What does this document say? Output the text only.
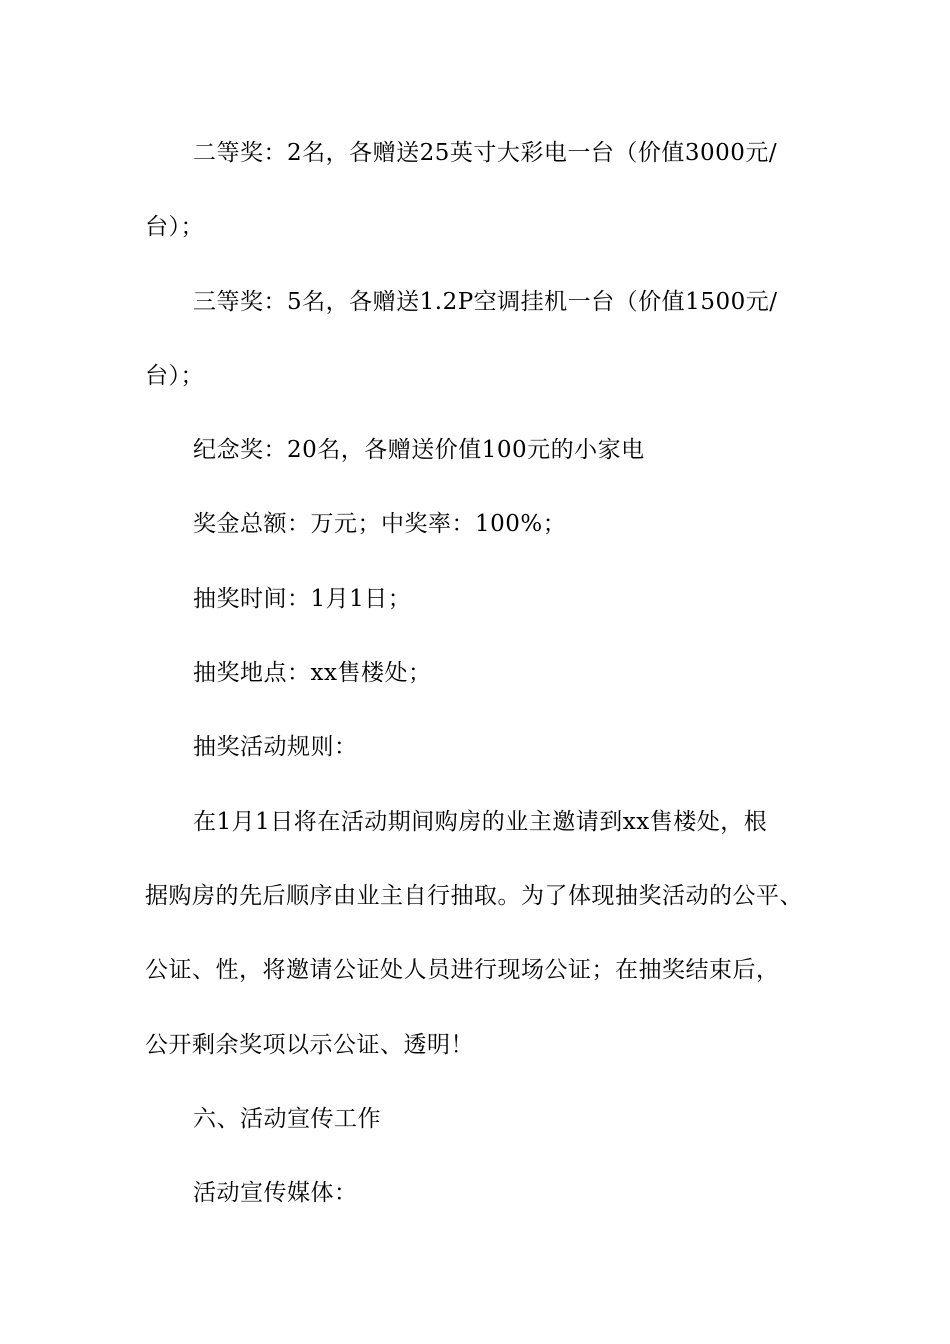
二等奖：2名，各赠送25英寸大彩电一台（价值3000元/
台）；
三等奖：5名，各赠送1.2P空调挂机一台（价值1500元/
台）；
纪念奖：20名，各赠送价值100元的小家电
奖金总额：万元；中奖率：100%；
抽奖时间：1月1日；
抽奖地点：xx售楼处；
抽奖活动规则：
在1月1日将在活动期间购房的业主邀请到xx售楼处，根
据购房的先后顺序由业主自行抽取。为了体现抽奖活动的公平、
公证、性，将邀请公证处人员进行现场公证；在抽奖结束后，
公开剩余奖项以示公证、透明！
六、活动宣传工作
活动宣传媒体：
